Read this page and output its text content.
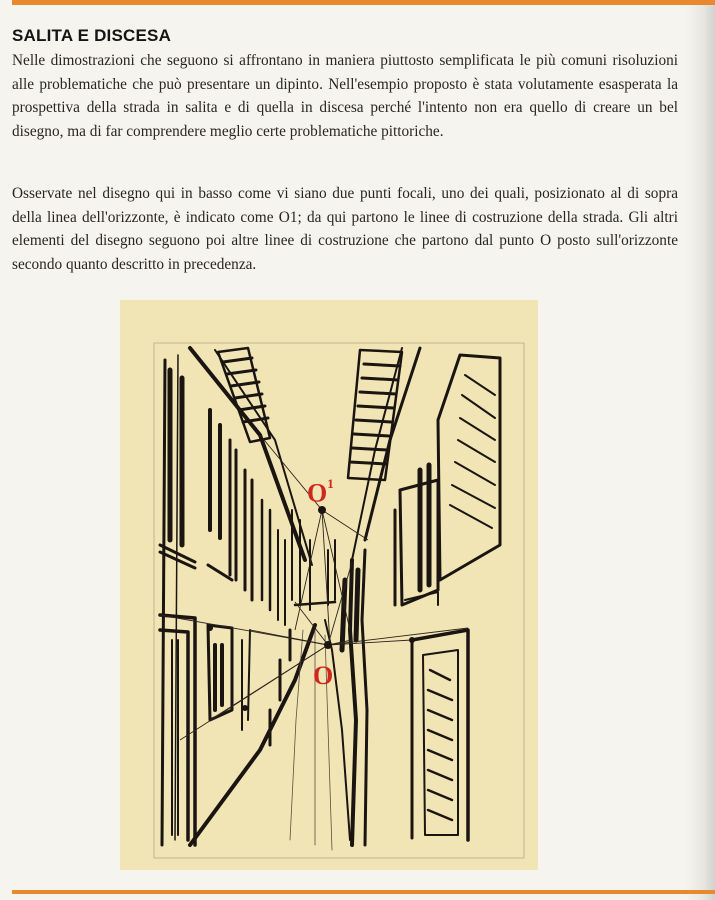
SALITA E DISCESA

Nelle dimostrazioni che seguono si affrontano in maniera piuttosto semplificata le più comuni risoluzioni alle problematiche che può presentare un dipinto. Nell'esempio proposto è stata volutamente esasperata la prospettiva della strada in salita e di quella in discesa perché l'intento non era quello di creare un bel disegno, ma di far comprendere meglio certe problematiche pittoriche.

Osservate nel disegno qui in basso come vi siano due punti focali, uno dei quali, posizionato al di sopra della linea dell'orizzonte, è indicato come O1; da qui partono le linee di costruzione della strada. Gli altri elementi del disegno seguono poi altre linee di costruzione che partono dal punto O posto sull'orizzonte secondo quanto descritto in precedenza.

$O^1$
O
